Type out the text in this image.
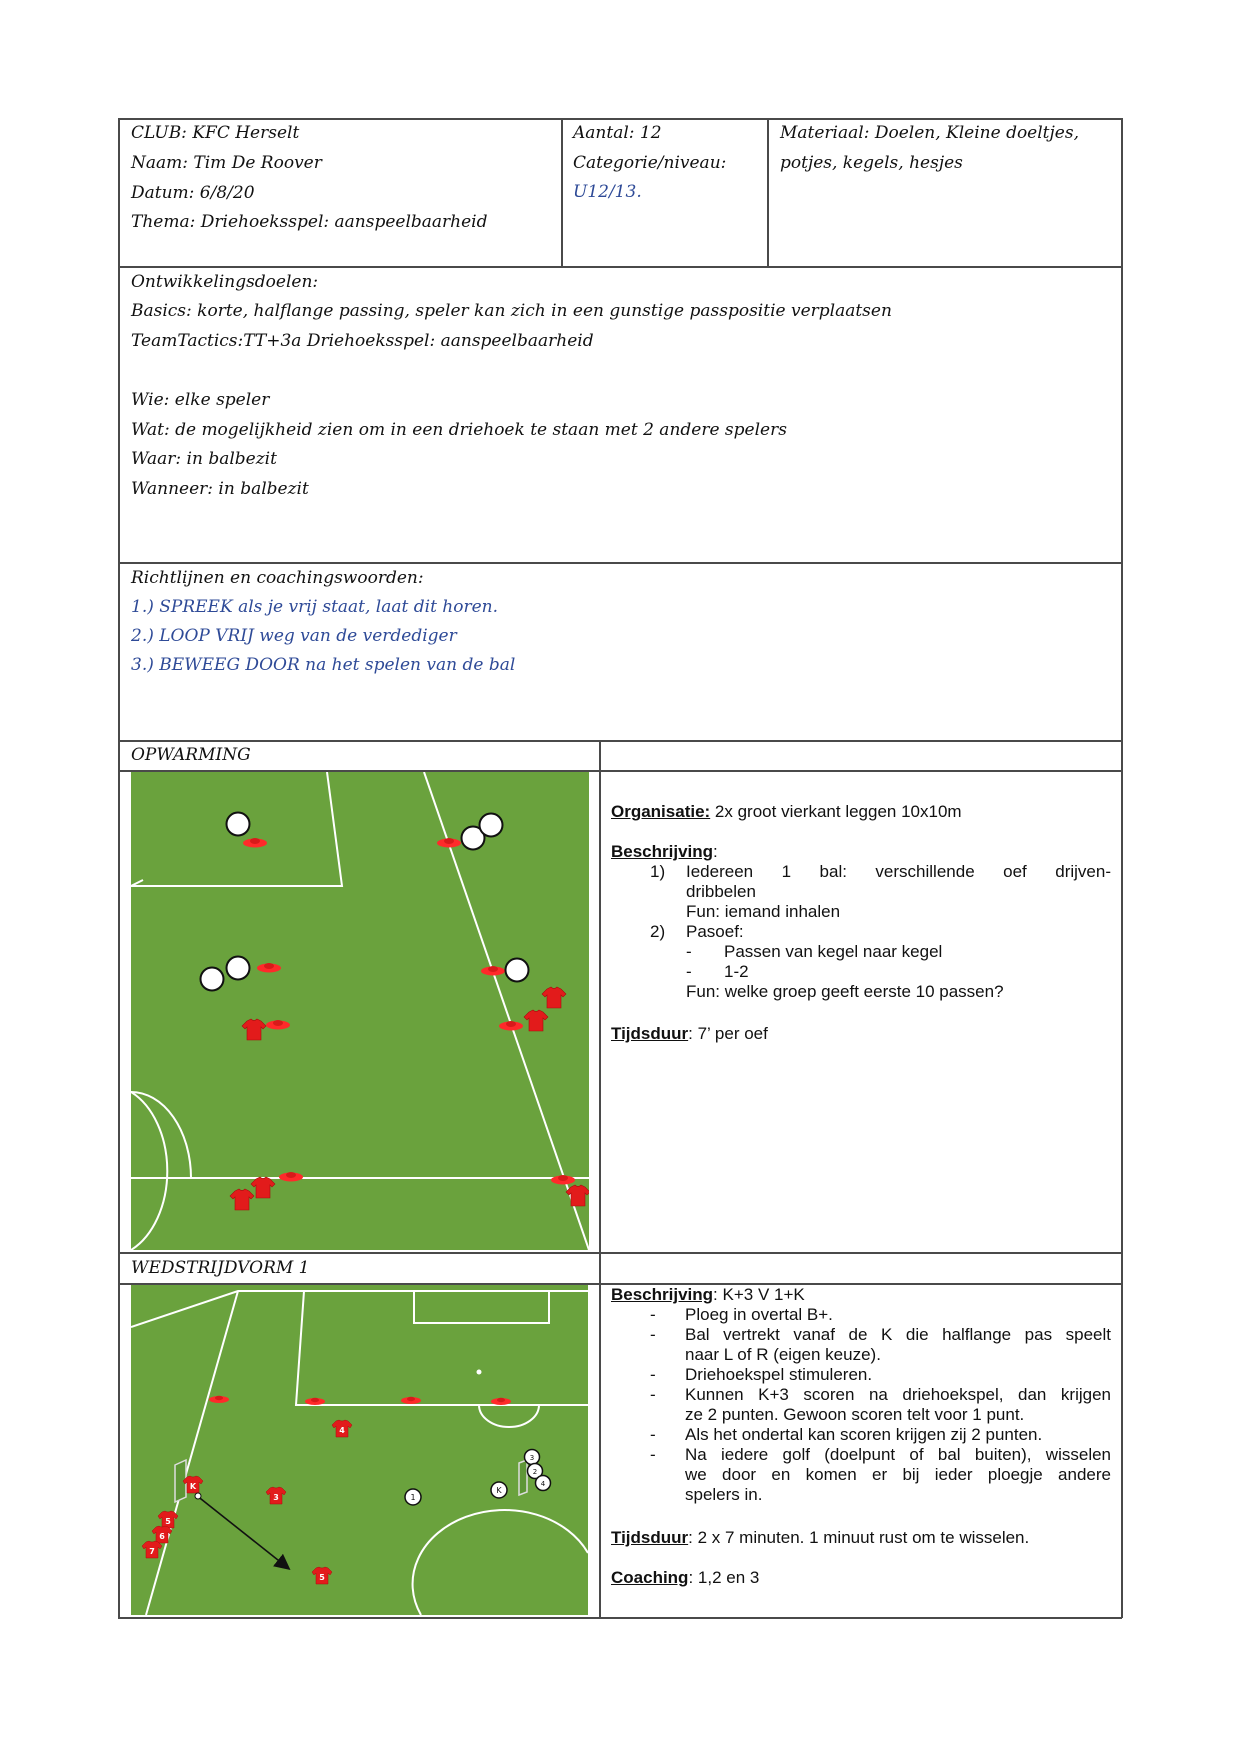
CLUB: KFC Herselt
Naam: Tim De Roover
Datum: 6/8/20
Thema: Driehoeksspel: aanspeelbaarheid
Aantal: 12
Categorie/niveau:
U12/13.
Materiaal: Doelen, Kleine doeltjes,
potjes, kegels, hesjes
Ontwikkelingsdoelen:
Basics: korte, halflange passing, speler kan zich in een gunstige passpositie verplaatsen
TeamTactics:TT+3a Driehoeksspel: aanspeelbaarheid
Wie: elke speler
Wat: de mogelijkheid zien om in een driehoek te staan met 2 andere spelers
Waar: in balbezit
Wanneer: in balbezit
Richtlijnen en coachingswoorden:
1.) SPREEK als je vrij staat, laat dit horen.
2.) LOOP VRIJ weg van de verdediger
3.) BEWEEG DOOR na het spelen van de bal
OPWARMING
Organisatie: 2x groot vierkant leggen 10x10m
Beschrijving:
1) Iedereen 1 bal: verschillende oef drijven-
dribbelen
Fun: iemand inhalen
2) Pasoef:
- Passen van kegel naar kegel
- 1-2
Fun: welke groep geeft eerste 10 passen?
Tijdsduur: 7’ per oef
WEDSTRIJDVORM 1
4
K
3
5
6
7
5
1
K
3
2
4
Beschrijving: K+3 V 1+K
- Ploeg in overtal B+.
- Bal vertrekt vanaf de K die halflange pas speelt
naar L of R (eigen keuze).
- Driehoekspel stimuleren.
- Kunnen K+3 scoren na driehoekspel, dan krijgen
ze 2 punten. Gewoon scoren telt voor 1 punt.
- Als het ondertal kan scoren krijgen zij 2 punten.
- Na iedere golf (doelpunt of bal buiten), wisselen
we door en komen er bij ieder ploegje andere
spelers in.
Tijdsduur: 2 x 7 minuten. 1 minuut rust om te wisselen.
Coaching: 1,2 en 3
